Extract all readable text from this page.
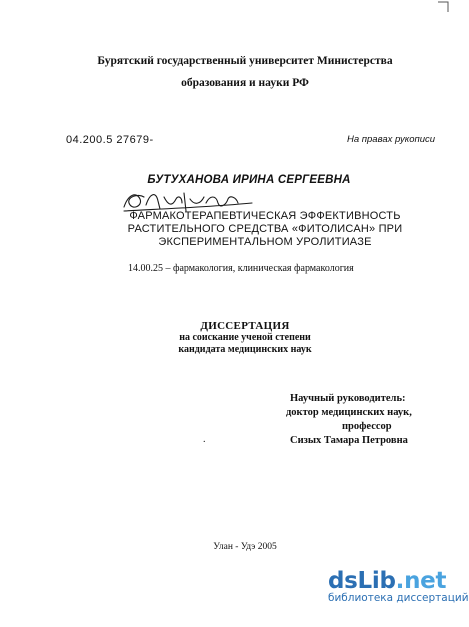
Бурятский государственный университет Министерства
образования и науки РФ
04.200.5 27679-	На правах рукописи
БУТУХАНОВА ИРИНА СЕРГЕЕВНА
ФАРМАКОТЕРАПЕВТИЧЕСКАЯ ЭФФЕКТИВНОСТЬ
РАСТИТЕЛЬНОГО СРЕДСТВА «ФИТОЛИСАН» ПРИ
ЭКСПЕРИМЕНТАЛЬНОМ УРОЛИТИАЗЕ
14.00.25 – фармакология, клиническая фармакология
ДИССЕРТАЦИЯ
на соискание ученой степени
кандидата медицинских наук
Научный руководитель:
доктор медицинских наук,
профессор
Сизых Тамара Петровна
.
Улан - Удэ 2005
dsLib.net
библиотека диссертаций
